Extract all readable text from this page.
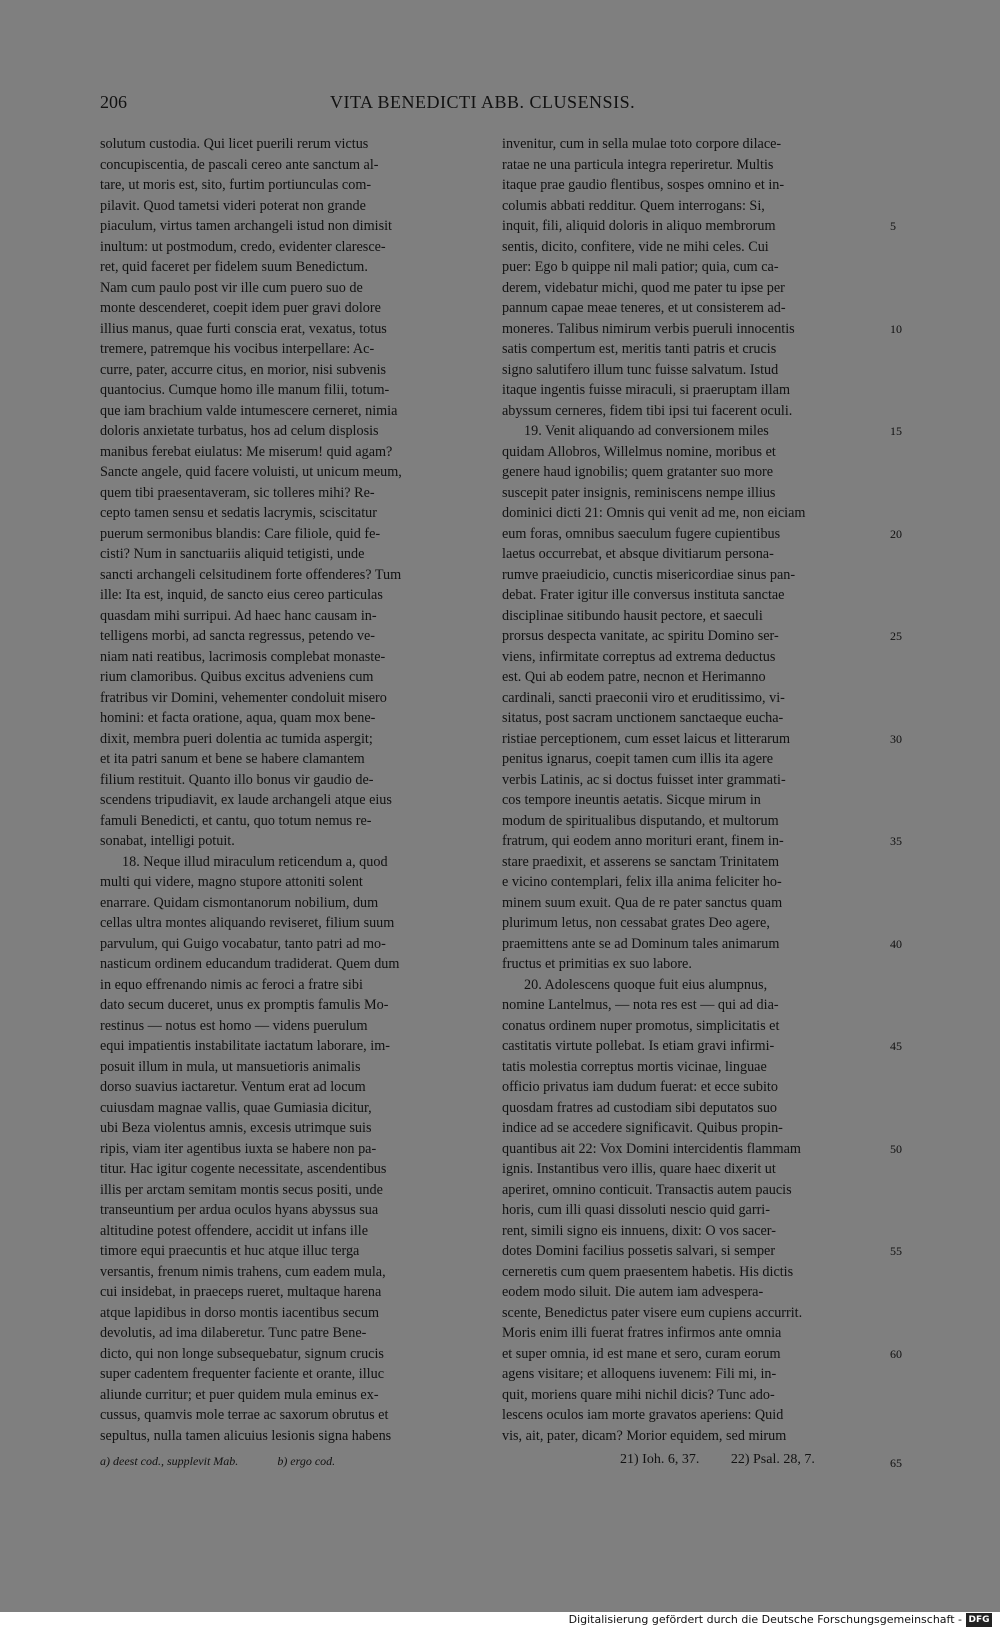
206	VITA BENEDICTI ABB. CLUSENSIS.
solutum custodia. Qui licet puerili rerum victus
concupiscentia, de pascali cereo ante sanctum al-
tare, ut moris est, sito, furtim portiunculas com-
pilavit. Quod tametsi videri poterat non grande
piaculum, virtus tamen archangeli istud non dimisit
inultum: ut postmodum, credo, evidenter claresce-
ret, quid faceret per fidelem suum Benedictum.
Nam cum paulo post vir ille cum puero suo de
monte descenderet, coepit idem puer gravi dolore
illius manus, quae furti conscia erat, vexatus, totus
tremere, patremque his vocibus interpellare: Ac-
curre, pater, accurre citus, en morior, nisi subvenis
quantocius. Cumque homo ille manum filii, totum-
que iam brachium valde intumescere cerneret, nimia
doloris anxietate turbatus, hos ad celum displosis
manibus ferebat eiulatus: Me miserum! quid agam?
Sancte angele, quid facere voluisti, ut unicum meum,
quem tibi praesentaveram, sic tolleres mihi? Re-
cepto tamen sensu et sedatis lacrymis, sciscitatur
puerum sermonibus blandis: Care filiole, quid fe-
cisti? Num in sanctuariis aliquid tetigisti, unde
sancti archangeli celsitudinem forte offenderes? Tum
ille: Ita est, inquid, de sancto eius cereo particulas
quasdam mihi surripui. Ad haec hanc causam in-
telligens morbi, ad sancta regressus, petendo ve-
niam nati reatibus, lacrimosis complebat monaste-
rium clamoribus. Quibus excitus adveniens cum
fratribus vir Domini, vehementer condoluit misero
homini: et facta oratione, aqua, quam mox bene-
dixit, membra pueri dolentia ac tumida aspergit;
et ita patri sanum et bene se habere clamantem
filium restituit. Quanto illo bonus vir gaudio de-
scendens tripudiavit, ex laude archangeli atque eius
famuli Benedicti, et cantu, quo totum nemus re-
sonabat, intelligi potuit.
18. Neque illud miraculum reticendum a, quod
multi qui videre, magno stupore attoniti solent
enarrare. Quidam cismontanorum nobilium, dum
cellas ultra montes aliquando reviseret, filium suum
parvulum, qui Guigo vocabatur, tanto patri ad mo-
nasticum ordinem educandum tradiderat. Quem dum
in equo effrenando nimis ac feroci a fratre sibi
dato secum duceret, unus ex promptis famulis Mo-
restinus — notus est homo — videns puerulum
equi impatientis instabilitate iactatum laborare, im-
posuit illum in mula, ut mansuetioris animalis
dorso suavius iactaretur. Ventum erat ad locum
cuiusdam magnae vallis, quae Gumiasia dicitur,
ubi Beza violentus amnis, excesis utrimque suis
ripis, viam iter agentibus iuxta se habere non pa-
titur. Hac igitur cogente necessitate, ascendentibus
illis per arctam semitam montis secus positi, unde
transeuntium per ardua oculos hyans abyssus sua
altitudine potest offendere, accidit ut infans ille
timore equi praecuntis et huc atque illuc terga
versantis, frenum nimis trahens, cum eadem mula,
cui insidebat, in praeceps rueret, multaque harena
atque lapidibus in dorso montis iacentibus secum
devolutis, ad ima dilaberetur. Tunc patre Bene-
dicto, qui non longe subsequebatur, signum crucis
super cadentem frequenter faciente et orante, illuc
aliunde curritur; et puer quidem mula eminus ex-
cussus, quamvis mole terrae ac saxorum obrutus et
sepultus, nulla tamen alicuius lesionis signa habens
invenitur, cum in sella mulae toto corpore dilace-
ratae ne una particula integra reperiretur. Multis
itaque prae gaudio flentibus, sospes omnino et in-
columis abbati redditur. Quem interrogans: Si,
inquit, fili, aliquid doloris in aliquo membrorum
sentis, dicito, confitere, vide ne mihi celes. Cui
puer: Ego b quippe nil mali patior; quia, cum ca-
derem, videbatur michi, quod me pater tu ipse per
pannum capae meae teneres, et ut consisterem ad-
moneres. Talibus nimirum verbis pueruli innocentis
satis compertum est, meritis tanti patris et crucis
signo salutifero illum tunc fuisse salvatum. Istud
itaque ingentis fuisse miraculi, si praeruptam illam
abyssum cerneres, fidem tibi ipsi tui facerent oculi.
19. Venit aliquando ad conversionem miles
quidam Allobros, Willelmus nomine, moribus et
genere haud ignobilis; quem gratanter suo more
suscepit pater insignis, reminiscens nempe illius
dominici dicti 21: Omnis qui venit ad me, non eiciam
eum foras, omnibus saeculum fugere cupientibus
laetus occurrebat, et absque divitiarum persona-
rumve praeiudicio, cunctis misericordiae sinus pan-
debat. Frater igitur ille conversus instituta sanctae
disciplinae sitibundo hausit pectore, et saeculi
prorsus despecta vanitate, ac spiritu Domino ser-
viens, infirmitate correptus ad extrema deductus
est. Qui ab eodem patre, necnon et Herimanno
cardinali, sancti praeconii viro et eruditissimo, vi-
sitatus, post sacram unctionem sanctaeque eucha-
ristiae perceptionem, cum esset laicus et litterarum
penitus ignarus, coepit tamen cum illis ita agere
verbis Latinis, ac si doctus fuisset inter grammati-
cos tempore ineuntis aetatis. Sicque mirum in
modum de spiritualibus disputando, et multorum
fratrum, qui eodem anno morituri erant, finem in-
stare praedixit, et asserens se sanctam Trinitatem
e vicino contemplari, felix illa anima feliciter ho-
minem suum exuit. Qua de re pater sanctus quam
plurimum letus, non cessabat grates Deo agere,
praemittens ante se ad Dominum tales animarum
fructus et primitias ex suo labore.
20. Adolescens quoque fuit eius alumpnus,
nomine Lantelmus, — nota res est — qui ad dia-
conatus ordinem nuper promotus, simplicitatis et
castitatis virtute pollebat. Is etiam gravi infirmi-
tatis molestia correptus mortis vicinae, linguae
officio privatus iam dudum fuerat: et ecce subito
quosdam fratres ad custodiam sibi deputatos suo
indice ad se accedere significavit. Quibus propin-
quantibus ait 22: Vox Domini intercidentis flammam
ignis. Instantibus vero illis, quare haec dixerit ut
aperiret, omnino conticuit. Transactis autem paucis
horis, cum illi quasi dissoluti nescio quid garri-
rent, simili signo eis innuens, dixit: O vos sacer-
dotes Domini facilius possetis salvari, si semper
cerneretis cum quem praesentem habetis. His dictis
eodem modo siluit. Die autem iam advespera-
scente, Benedictus pater visere eum cupiens accurrit.
Moris enim illi fuerat fratres infirmos ante omnia
et super omnia, id est mane et sero, curam eorum
agens visitare; et alloquens iuvenem: Fili mi, in-
quit, moriens quare mihi nichil dicis? Tunc ado-
lescens oculos iam morte gravatos aperiens: Quid
vis, ait, pater, dicam? Morior equidem, sed mirum
5
10
15
20
25
30
35
40
45
50
55
60
a) deest cod., supplevit Mab.	b) ergo cod.	21) Ioh. 6, 37. 22) Psal. 28, 7.	65
Digitalisierung gefördert durch die Deutsche Forschungsgemeinschaft - DFG
